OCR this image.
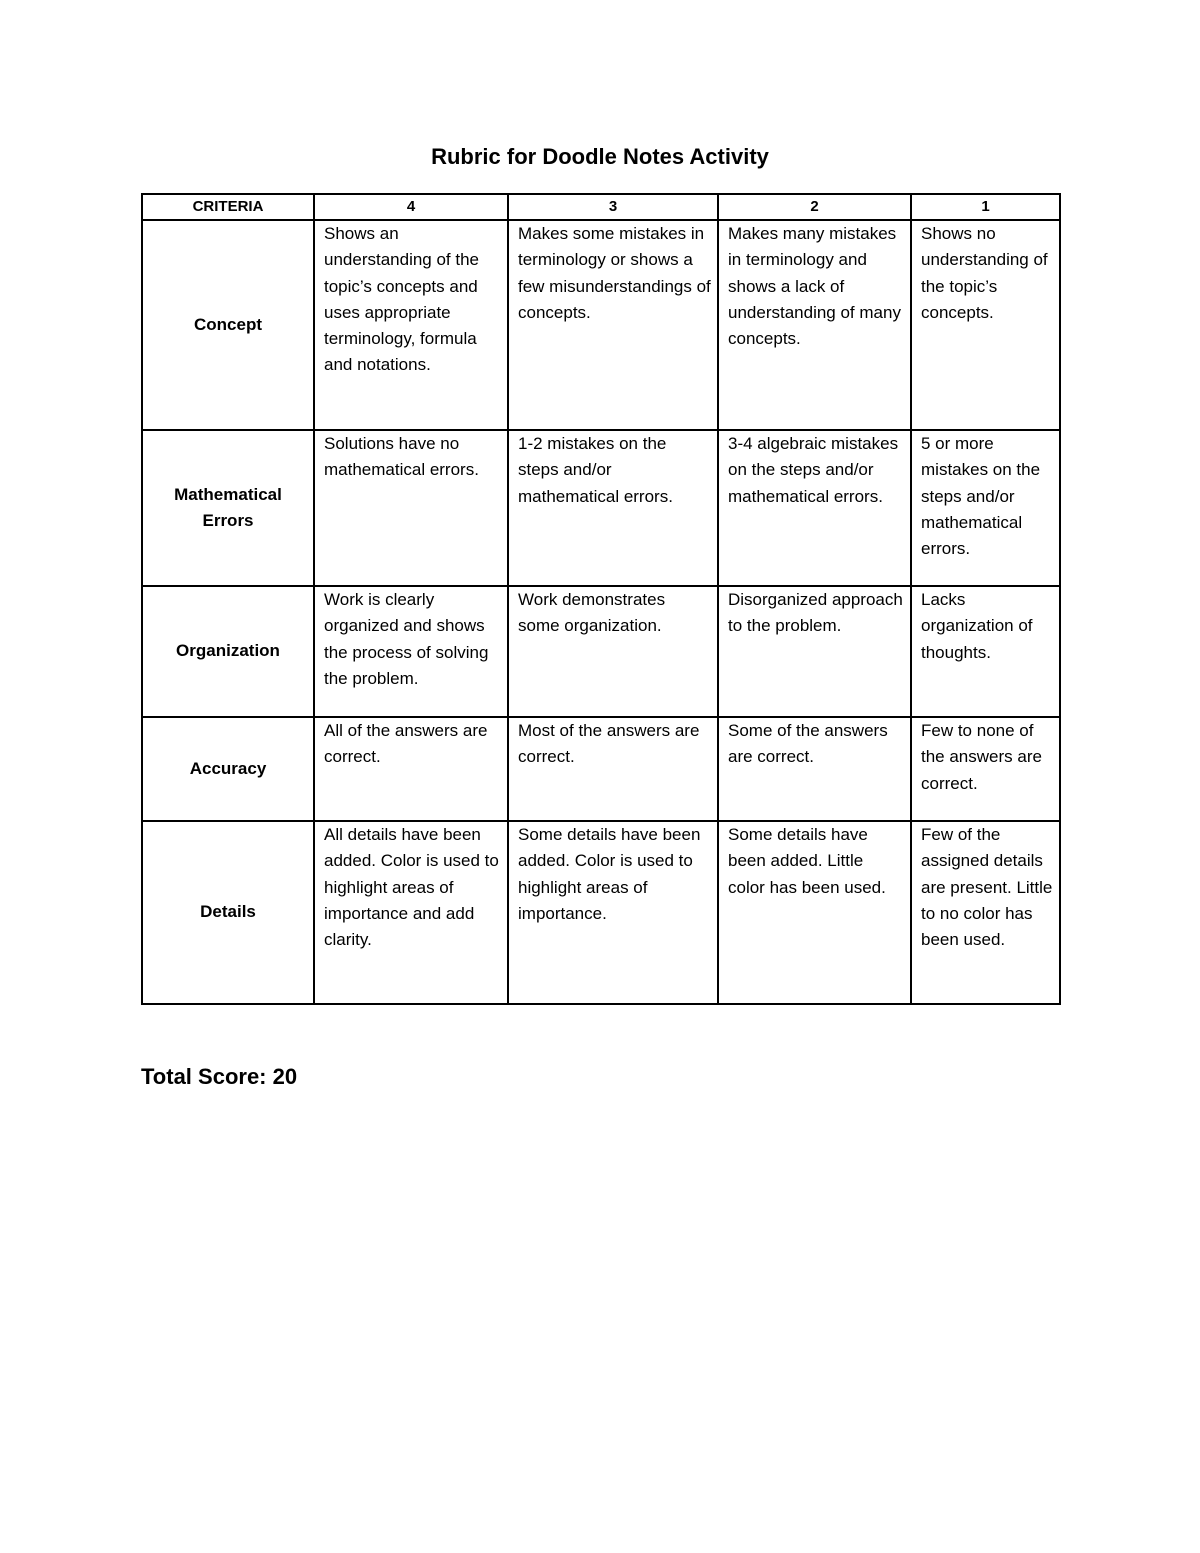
Rubric for Doodle Notes Activity
CRITERIA	4	3	2	1
Concept	Shows an understanding of the topic’s concepts and uses appropriate terminology, formula and notations.	Makes some mistakes in terminology or shows a few misunderstandings of concepts.	Makes many mistakes in terminology and shows a lack of understanding of many concepts.	Shows no understanding of the topic’s concepts.
Mathematical Errors	Solutions have no mathematical errors.	1-2 mistakes on the steps and/or mathematical errors.	3-4 algebraic mistakes on the steps and/or mathematical errors.	5 or more mistakes on the steps and/or mathematical errors.
Organization	Work is clearly organized and shows the process of solving the problem.	Work demonstrates some organization.	Disorganized approach to the problem.	Lacks organization of thoughts.
Accuracy	All of the answers are correct.	Most of the answers are correct.	Some of the answers are correct.	Few to none of the answers are correct.
Details	All details have been added. Color is used to highlight areas of importance and add clarity.	Some details have been added. Color is used to highlight areas of importance.	Some details have been added. Little color has been used.	Few of the assigned details are present. Little to no color has been used.
Total Score: 20
